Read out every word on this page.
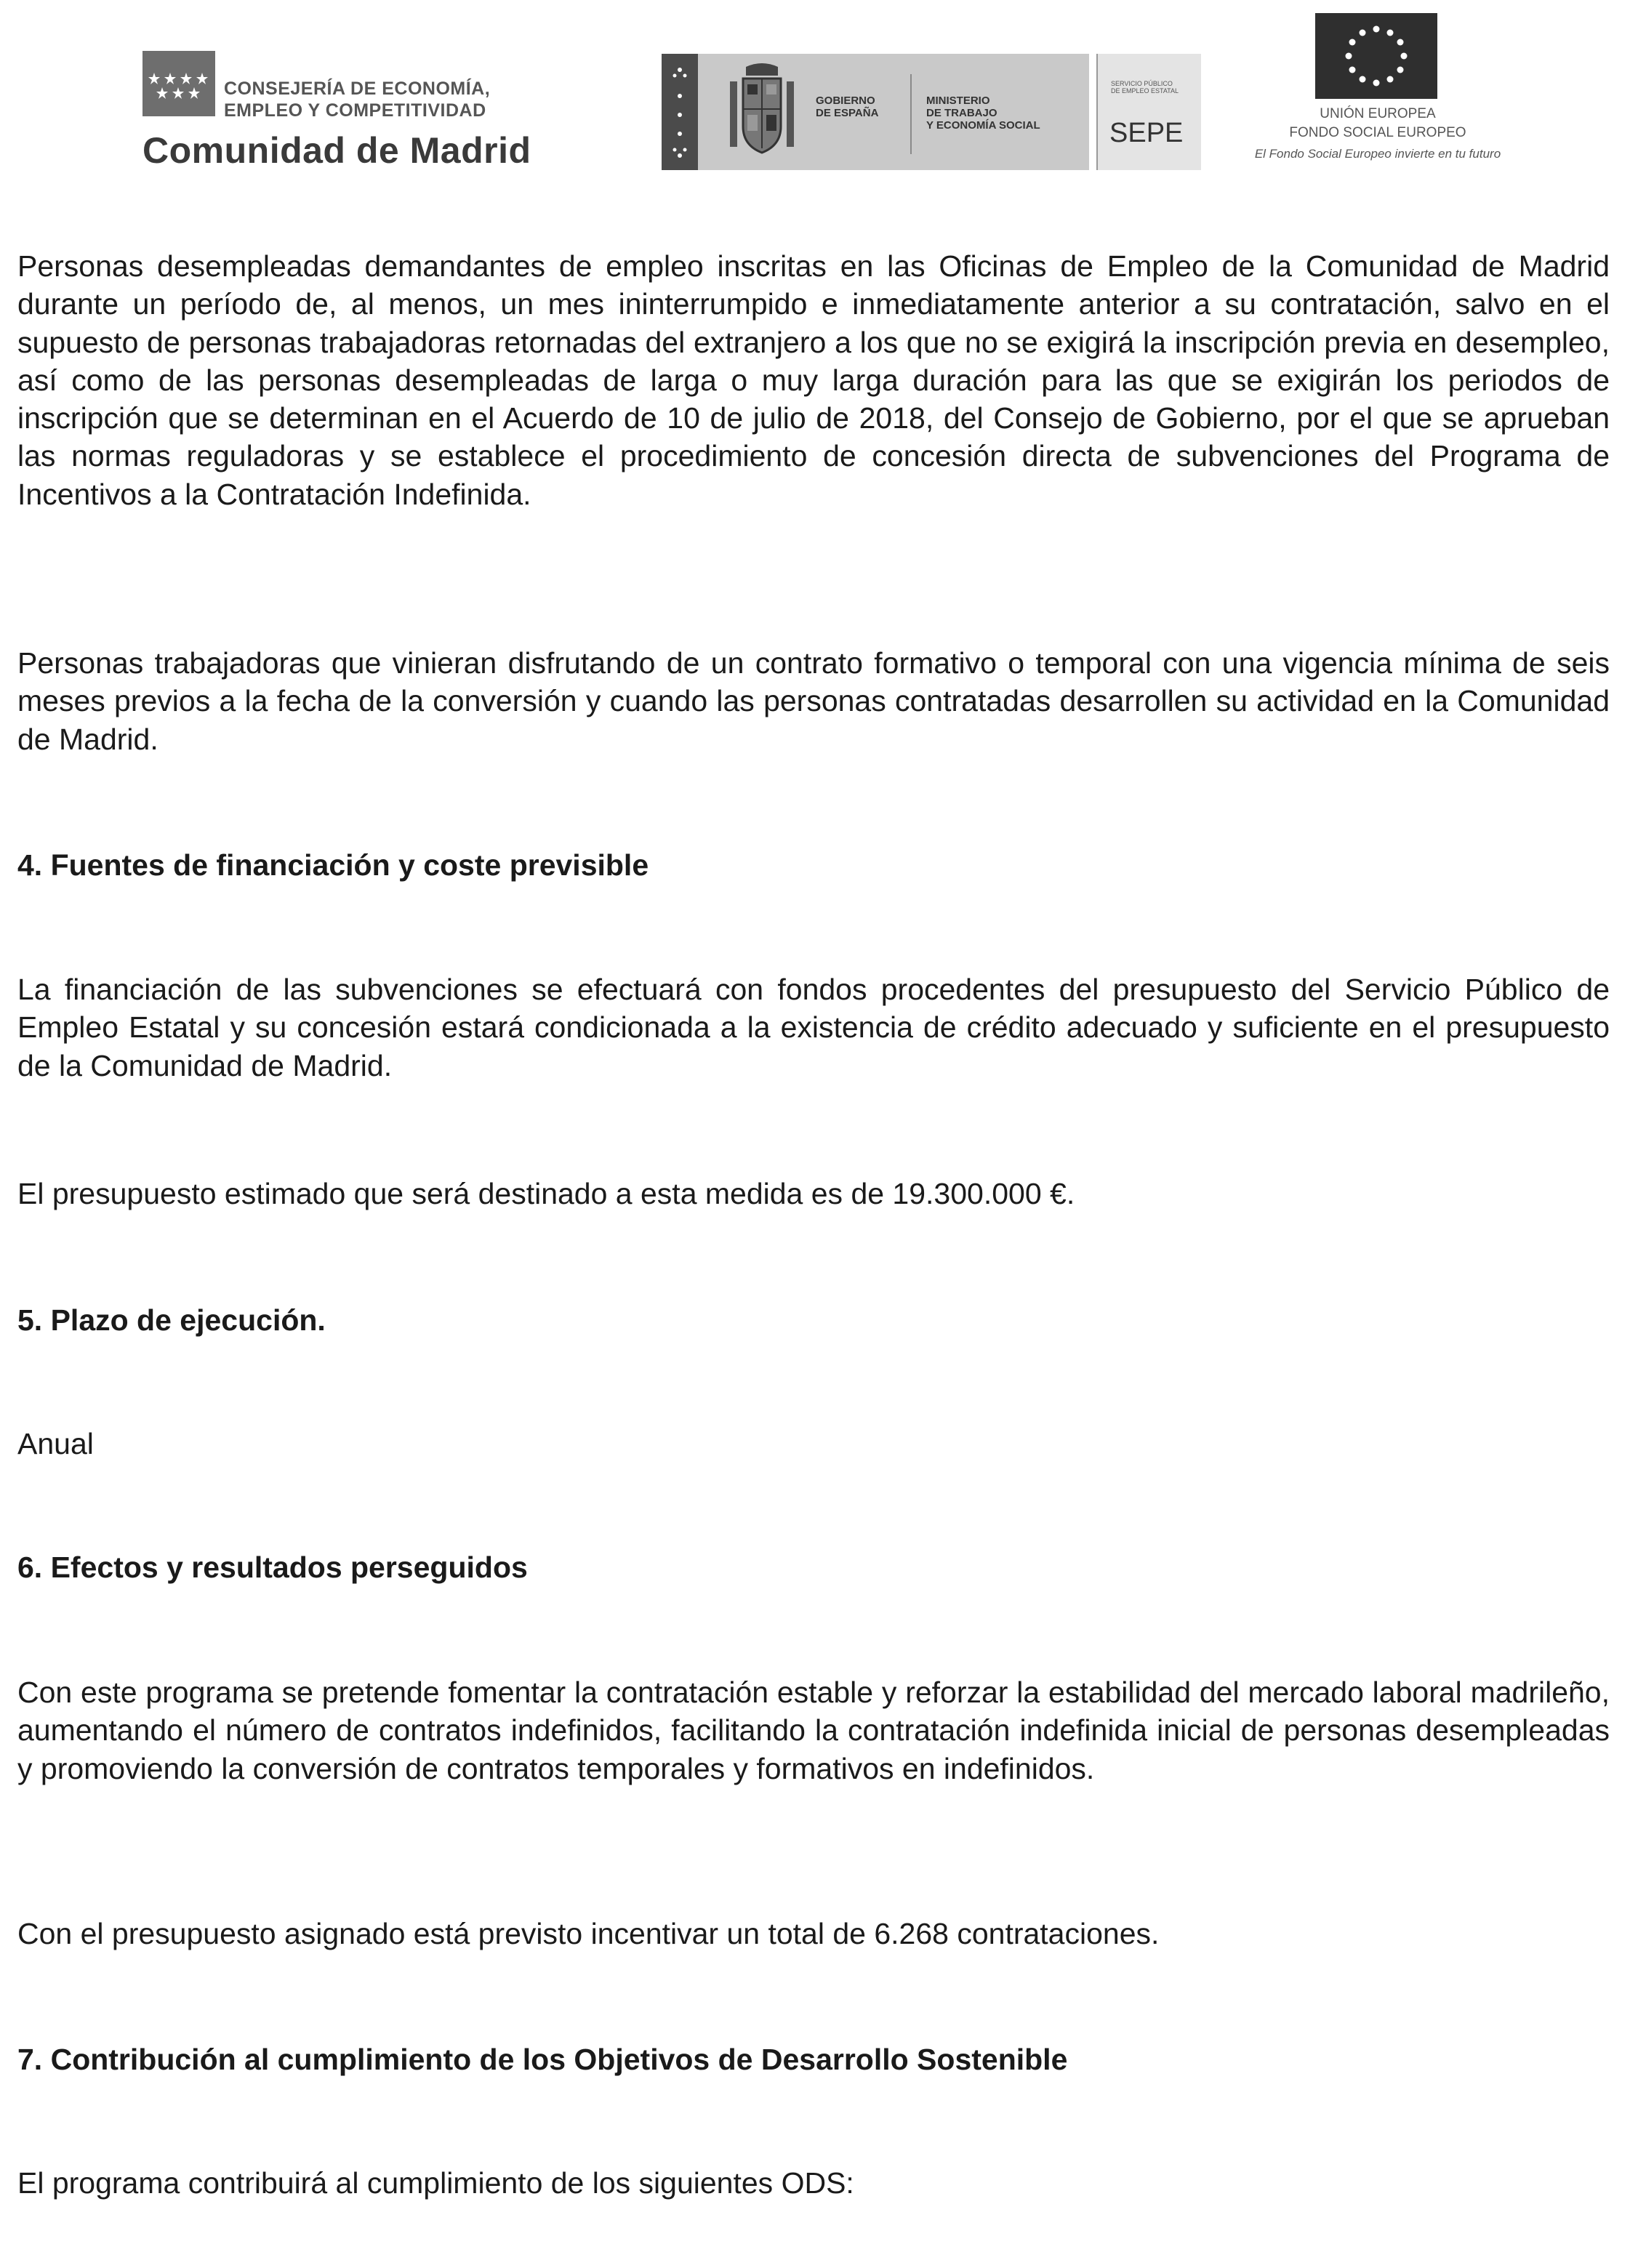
CONSEJERÍA DE ECONOMÍA,
EMPLEO Y COMPETITIVIDAD
Comunidad de Madrid
GOBIERNO
DE ESPAÑA
MINISTERIO
DE TRABAJO
Y ECONOMÍA SOCIAL
SERVICIO PÚBLICO
DE EMPLEO ESTATAL
SEPE
UNIÓN EUROPEA
FONDO SOCIAL EUROPEO
El Fondo Social Europeo invierte en tu futuro

Personas desempleadas demandantes de empleo inscritas en las Oficinas de Empleo de la Comunidad de Madrid durante un período de, al menos, un mes ininterrumpido e inmediatamente anterior a su contratación, salvo en el supuesto de personas trabajadoras retornadas del extranjero a los que no se exigirá la inscripción previa en desempleo, así como de las personas desempleadas de larga o muy larga duración para las que se exigirán los periodos de inscripción que se determinan en el Acuerdo de 10 de julio de 2018, del Consejo de Gobierno, por el que se aprueban las normas reguladoras y se establece el procedimiento de concesión directa de subvenciones del Programa de Incentivos a la Contratación Indefinida.

Personas trabajadoras que vinieran disfrutando de un contrato formativo o temporal con una vigencia mínima de seis meses previos a la fecha de la conversión y cuando las personas contratadas desarrollen su actividad en la Comunidad de Madrid.

4. Fuentes de financiación y coste previsible

La financiación de las subvenciones se efectuará con fondos procedentes del presupuesto del Servicio Público de Empleo Estatal y su concesión estará condicionada a la existencia de crédito adecuado y suficiente en el presupuesto de la Comunidad de Madrid.

El presupuesto estimado que será destinado a esta medida es de 19.300.000 €.

5. Plazo de ejecución.

Anual

6. Efectos y resultados perseguidos

Con este programa se pretende fomentar la contratación estable y reforzar la estabilidad del mercado laboral madrileño, aumentando el número de contratos indefinidos, facilitando la contratación indefinida inicial de personas desempleadas y promoviendo la conversión de contratos temporales y formativos en indefinidos.

Con el presupuesto asignado está previsto incentivar un total de 6.268 contrataciones.

7. Contribución al cumplimiento de los Objetivos de Desarrollo Sostenible

El programa contribuirá al cumplimiento de los siguientes ODS:
